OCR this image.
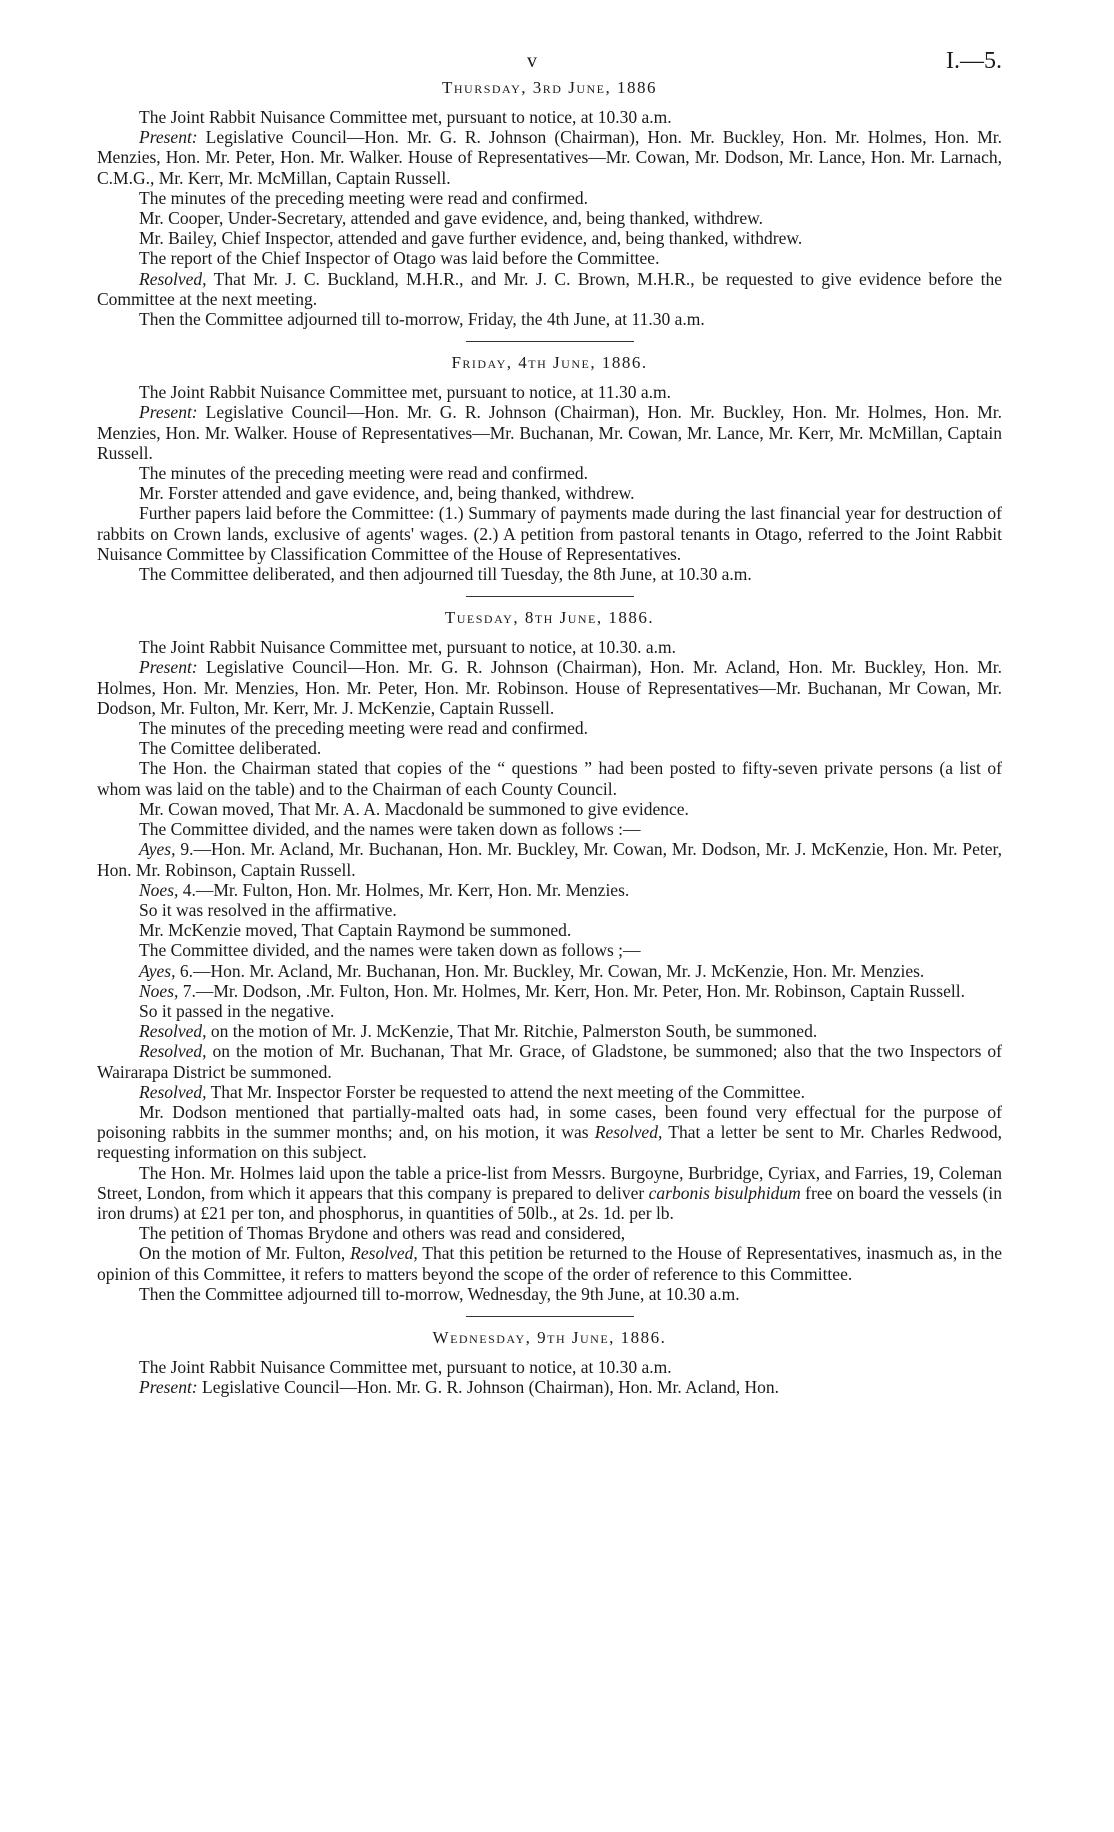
v	I.—5.
Thursday, 3rd June, 1886

The Joint Rabbit Nuisance Committee met, pursuant to notice, at 10.30 a.m.

Present: Legislative Council—Hon. Mr. G. R. Johnson (Chairman), Hon. Mr. Buckley, Hon. Mr. Holmes, Hon. Mr. Menzies, Hon. Mr. Peter, Hon. Mr. Walker. House of Representatives—Mr. Cowan, Mr. Dodson, Mr. Lance, Hon. Mr. Larnach, C.M.G., Mr. Kerr, Mr. McMillan, Captain Russell.

The minutes of the preceding meeting were read and confirmed.

Mr. Cooper, Under-Secretary, attended and gave evidence, and, being thanked, withdrew.

Mr. Bailey, Chief Inspector, attended and gave further evidence, and, being thanked, withdrew.

The report of the Chief Inspector of Otago was laid before the Committee.

Resolved, That Mr. J. C. Buckland, M.H.R., and Mr. J. C. Brown, M.H.R., be requested to give evidence before the Committee at the next meeting.

Then the Committee adjourned till to-morrow, Friday, the 4th June, at 11.30 a.m.

Friday, 4th June, 1886.

The Joint Rabbit Nuisance Committee met, pursuant to notice, at 11.30 a.m.

Present: Legislative Council—Hon. Mr. G. R. Johnson (Chairman), Hon. Mr. Buckley, Hon. Mr. Holmes, Hon. Mr. Menzies, Hon. Mr. Walker. House of Representatives—Mr. Buchanan, Mr. Cowan, Mr. Lance, Mr. Kerr, Mr. McMillan, Captain Russell.

The minutes of the preceding meeting were read and confirmed.

Mr. Forster attended and gave evidence, and, being thanked, withdrew.

Further papers laid before the Committee: (1.) Summary of payments made during the last financial year for destruction of rabbits on Crown lands, exclusive of agents' wages. (2.) A petition from pastoral tenants in Otago, referred to the Joint Rabbit Nuisance Committee by Classification Committee of the House of Representatives.

The Committee deliberated, and then adjourned till Tuesday, the 8th June, at 10.30 a.m.

Tuesday, 8th June, 1886.

The Joint Rabbit Nuisance Committee met, pursuant to notice, at 10.30. a.m.

Present: Legislative Council—Hon. Mr. G. R. Johnson (Chairman), Hon. Mr. Acland, Hon. Mr. Buckley, Hon. Mr. Holmes, Hon. Mr. Menzies, Hon. Mr. Peter, Hon. Mr. Robinson. House of Representatives—Mr. Buchanan, Mr Cowan, Mr. Dodson, Mr. Fulton, Mr. Kerr, Mr. J. McKenzie, Captain Russell.

The minutes of the preceding meeting were read and confirmed.

The Comittee deliberated.

The Hon. the Chairman stated that copies of the “ questions ” had been posted to fifty-seven private persons (a list of whom was laid on the table) and to the Chairman of each County Council.

Mr. Cowan moved, That Mr. A. A. Macdonald be summoned to give evidence.

The Committee divided, and the names were taken down as follows :—

Ayes, 9.—Hon. Mr. Acland, Mr. Buchanan, Hon. Mr. Buckley, Mr. Cowan, Mr. Dodson, Mr. J. McKenzie, Hon. Mr. Peter, Hon. Mr. Robinson, Captain Russell.

Noes, 4.—Mr. Fulton, Hon. Mr. Holmes, Mr. Kerr, Hon. Mr. Menzies.

So it was resolved in the affirmative.

Mr. McKenzie moved, That Captain Raymond be summoned.

The Committee divided, and the names were taken down as follows ;—

Ayes, 6.—Hon. Mr. Acland, Mr. Buchanan, Hon. Mr. Buckley, Mr. Cowan, Mr. J. McKenzie, Hon. Mr. Menzies.

Noes, 7.—Mr. Dodson, .Mr. Fulton, Hon. Mr. Holmes, Mr. Kerr, Hon. Mr. Peter, Hon. Mr. Robinson, Captain Russell.

So it passed in the negative.

Resolved, on the motion of Mr. J. McKenzie, That Mr. Ritchie, Palmerston South, be summoned.

Resolved, on the motion of Mr. Buchanan, That Mr. Grace, of Gladstone, be summoned; also that the two Inspectors of Wairarapa District be summoned.

Resolved, That Mr. Inspector Forster be requested to attend the next meeting of the Committee.

Mr. Dodson mentioned that partially-malted oats had, in some cases, been found very effectual for the purpose of poisoning rabbits in the summer months; and, on his motion, it was Resolved, That a letter be sent to Mr. Charles Redwood, requesting information on this subject.

The Hon. Mr. Holmes laid upon the table a price-list from Messrs. Burgoyne, Burbridge, Cyriax, and Farries, 19, Coleman Street, London, from which it appears that this company is prepared to deliver carbonis bisulphidum free on board the vessels (in iron drums) at £21 per ton, and phosphorus, in quantities of 50lb., at 2s. 1d. per lb.

The petition of Thomas Brydone and others was read and considered,

On the motion of Mr. Fulton, Resolved, That this petition be returned to the House of Representatives, inasmuch as, in the opinion of this Committee, it refers to matters beyond the scope of the order of reference to this Committee.

Then the Committee adjourned till to-morrow, Wednesday, the 9th June, at 10.30 a.m.

Wednesday, 9th June, 1886.

The Joint Rabbit Nuisance Committee met, pursuant to notice, at 10.30 a.m.

Present: Legislative Council—Hon. Mr. G. R. Johnson (Chairman), Hon. Mr. Acland, Hon.
